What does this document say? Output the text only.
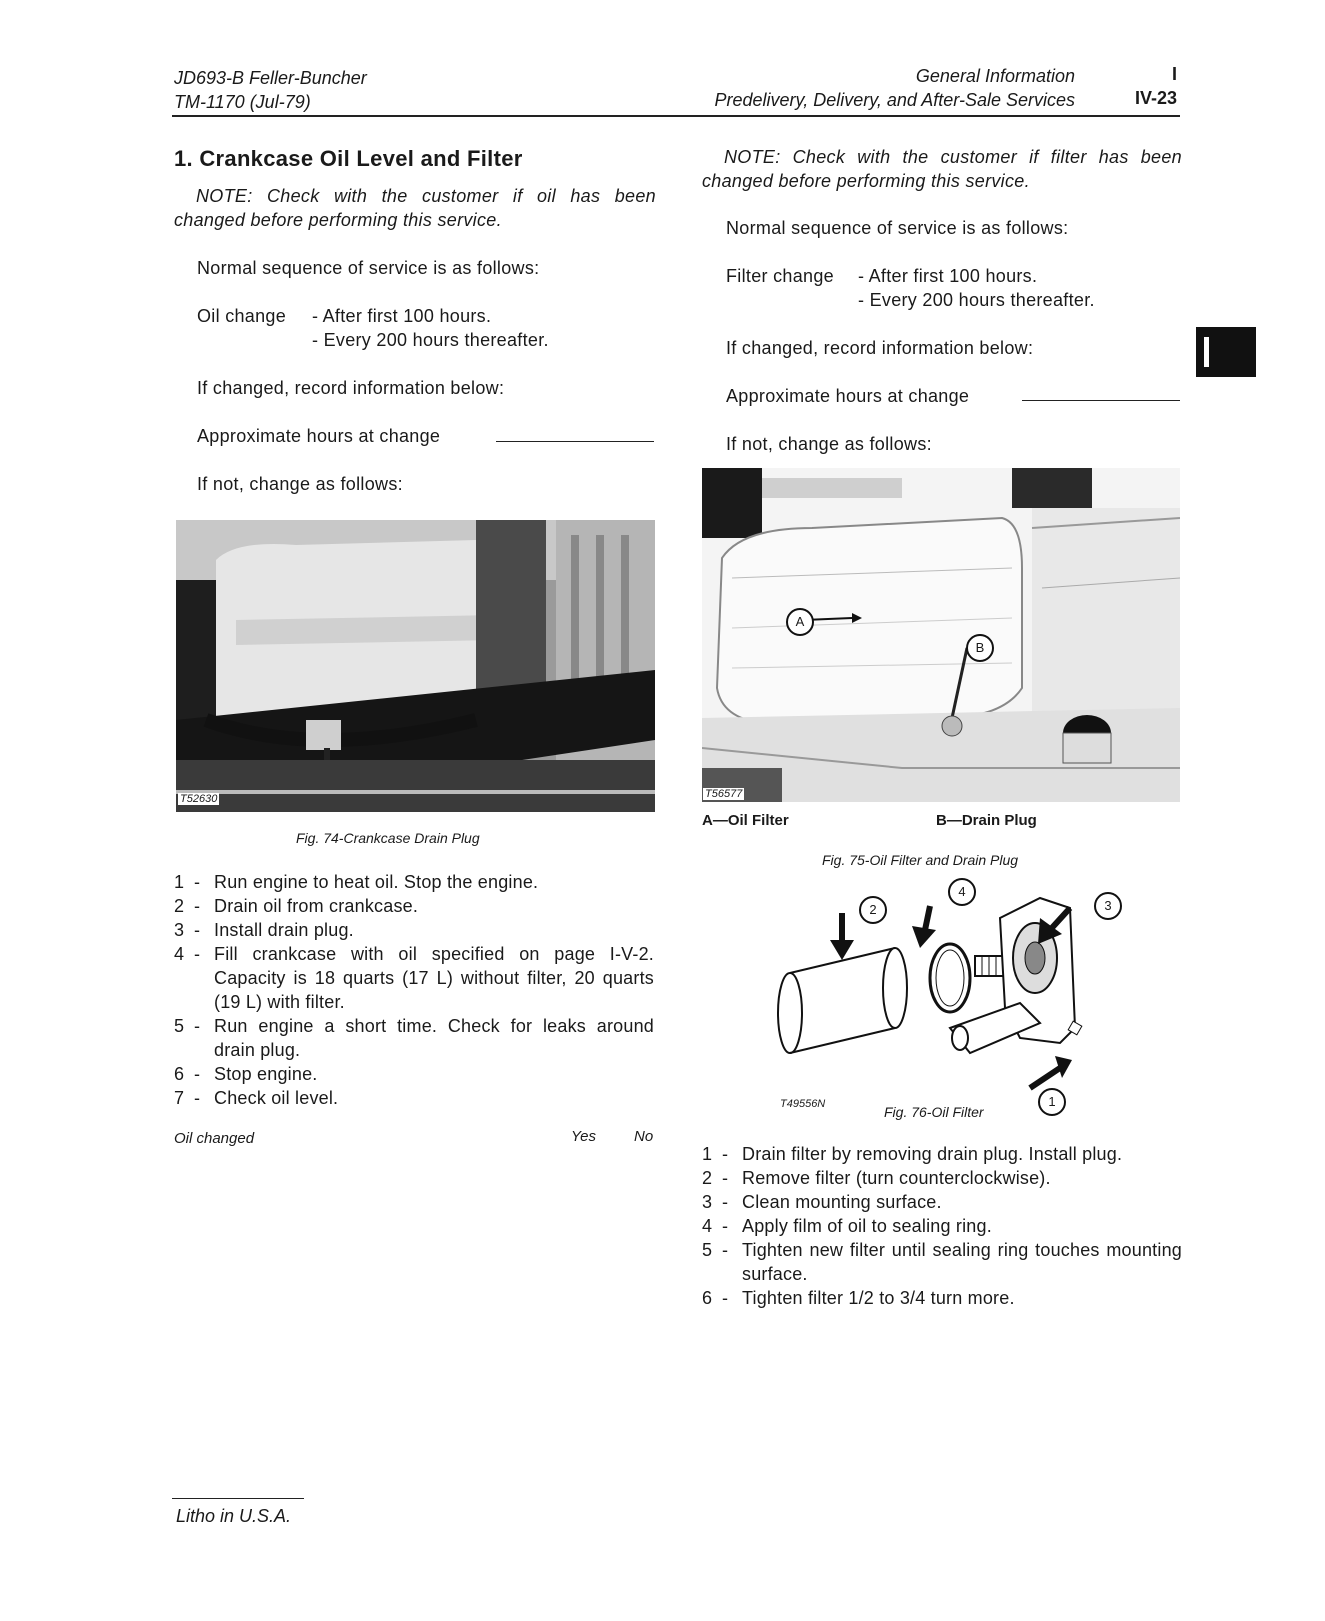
JD693-B Feller-Buncher
TM-1170 (Jul-79)
General Information
Predelivery, Delivery, and After-Sale Services
I
IV-23
1. Crankcase Oil Level and Filter
NOTE: Check with the customer if oil has been changed before performing this service.
Normal sequence of service is as follows:
Oil change - After first 100 hours.
- Every 200 hours thereafter.
If changed, record information below:
Approximate hours at change
If not, change as follows:
T52630
Fig. 74-Crankcase Drain Plug
1 - Run engine to heat oil. Stop the engine.
2 - Drain oil from crankcase.
3 - Install drain plug.
4 - Fill crankcase with oil specified on page I-V-2. Capacity is 18 quarts (17 L) without filter, 20 quarts (19 L) with filter.
5 - Run engine a short time. Check for leaks around drain plug.
6 - Stop engine.
7 - Check oil level.
Oil changed	Yes	No
NOTE: Check with the customer if filter has been changed before performing this service.
Normal sequence of service is as follows:
Filter change - After first 100 hours.
- Every 200 hours thereafter.
If changed, record information below:
Approximate hours at change
If not, change as follows:
A
B
T56577
A—Oil Filter	B—Drain Plug
Fig. 75-Oil Filter and Drain Plug
2
4
3
1
T49556N	Fig. 76-Oil Filter
1 - Drain filter by removing drain plug. Install plug.
2 - Remove filter (turn counterclockwise).
3 - Clean mounting surface.
4 - Apply film of oil to sealing ring.
5 - Tighten new filter until sealing ring touches mounting surface.
6 - Tighten filter 1/2 to 3/4 turn more.
Litho in U.S.A.
